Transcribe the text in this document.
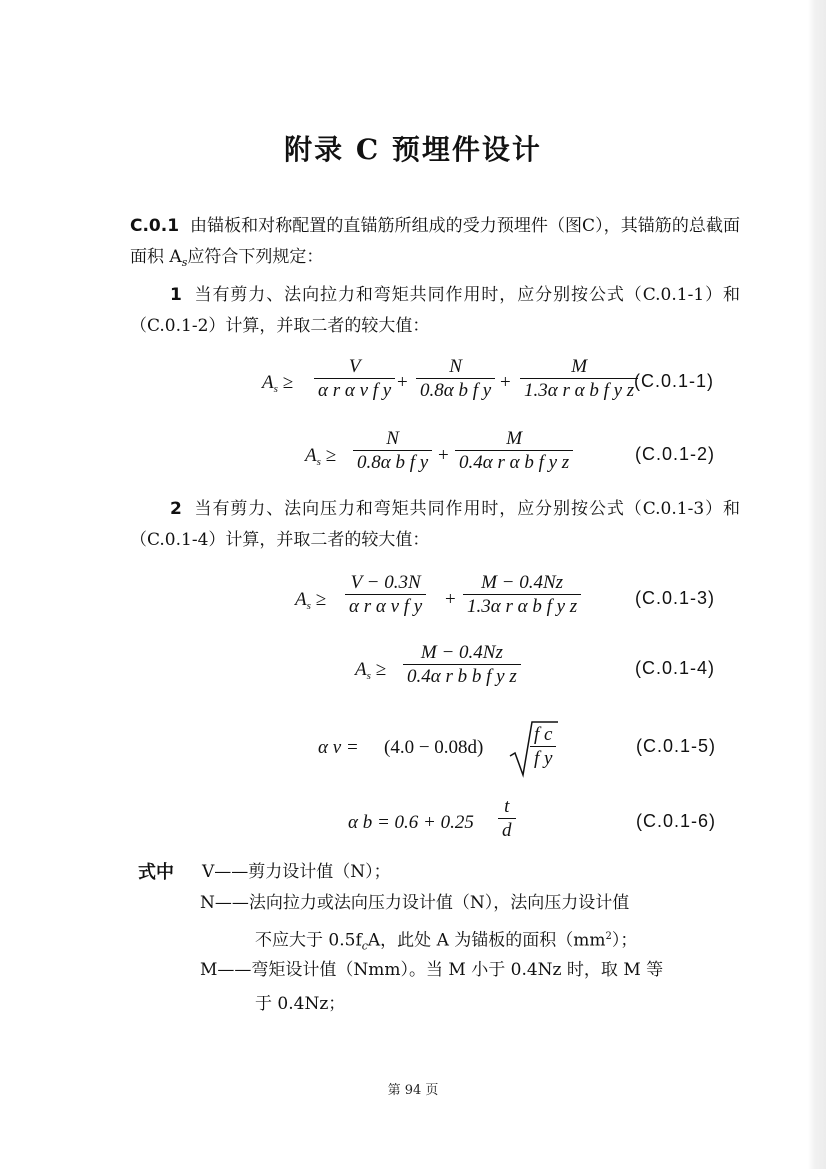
附录 C 预埋件设计
C.0.1 由锚板和对称配置的直锚筋所组成的受力预埋件（图C），其锚筋的总截面面积 $A_s$应符合下列规定：
1 当有剪力、法向拉力和弯矩共同作用时，应分别按公式（C.0.1-1）和（C.0.1-2）计算，并取二者的较大值：
$A_s \ge \frac{V}{\text{α r α v f y}} + \frac{N}{\text{0.8α b f y}} + \frac{M}{\text{1.3α r α b f y z}}$
(C.0.1-1)
$A_s \ge \frac{N}{\text{0.8α b f y}} + \frac{M}{\text{0.4α r α b f y z}}$	(C.0.1-2)
2 当有剪力、法向压力和弯矩共同作用时，应分别按公式（C.0.1-3）和（C.0.1-4）计算，并取二者的较大值：
$A_s \ge \frac{V - 0.3N}{\text{α r α v f y}} + \frac{M - 0.4Nz}{\text{1.3α r α b f y z}}$	(C.0.1-3)
$A_s \ge \frac{M - 0.4Nz}{\text{0.4α r b b f y z}}$	(C.0.1-4)
α $v = (4.0 - 0.08d) \frac{\text{f c}}{\text{f y}}$	(C.0.1-5)
α $b = 0.6 + 0.25 \frac{t}{d}$	(C.0.1-6)
式中 V——剪力设计值（N）；
N——法向拉力或法向压力设计值（N），法向压力设计值
不应大于 $0.5f_cA$，此处 A 为锚板的面积$(mm^2)$；
M——弯矩设计值（Nmm）。当 M 小于 0.4Nz 时，取 M 等
于 0.4Nz；
第 94 页
